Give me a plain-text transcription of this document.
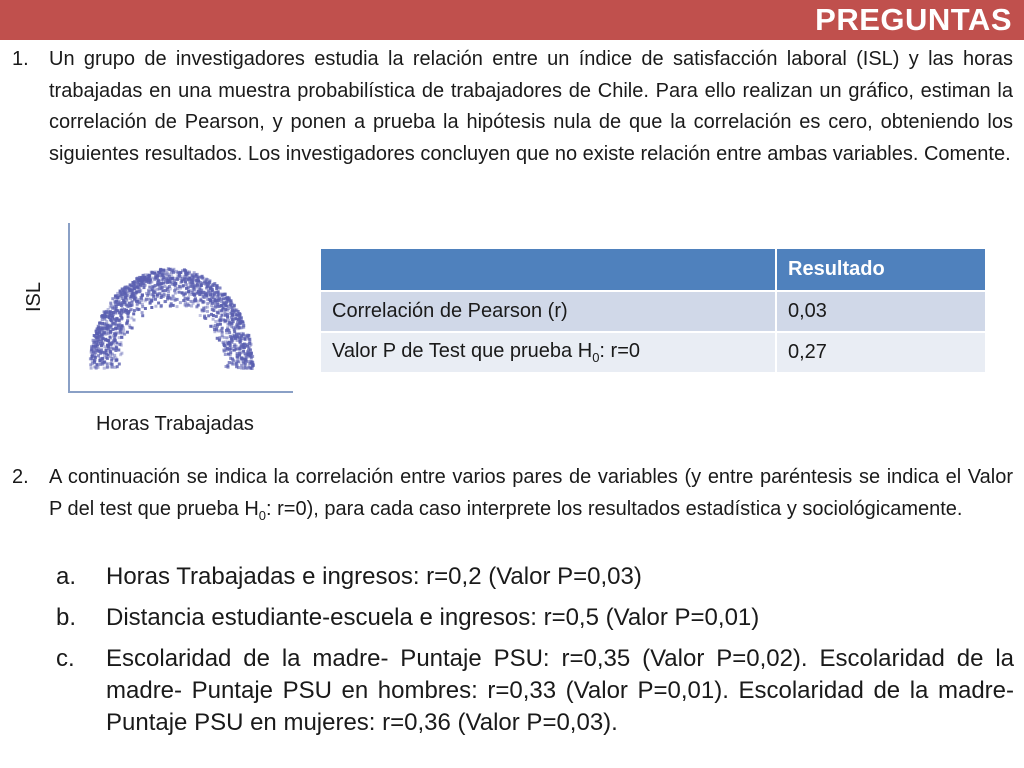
PREGUNTAS
1. Un grupo de investigadores estudia la relación entre un índice de satisfacción laboral (ISL) y las horas trabajadas en una muestra probabilística de trabajadores de Chile. Para ello realizan un gráfico, estiman la correlación de Pearson, y ponen a prueba la hipótesis nula de que la correlación es cero, obteniendo los siguientes resultados. Los investigadores concluyen que no existe relación entre ambas variables. Comente.
ISL
Horas Trabajadas
	Resultado
Correlación de Pearson (r)	0,03
Valor P de Test que prueba $H_0$: r=0	0,27
2. A continuación se indica la correlación entre varios pares de variables (y entre paréntesis se indica el Valor P del test que prueba $H_0$: r=0), para cada caso interprete los resultados estadística y sociológicamente.
a.	Horas Trabajadas e ingresos: r=0,2 (Valor P=0,03)
b.	Distancia estudiante-escuela e ingresos: r=0,5 (Valor P=0,01)
c.	Escolaridad de la madre- Puntaje PSU: r=0,35 (Valor P=0,02). Escolaridad de la madre- Puntaje PSU en hombres: r=0,33 (Valor P=0,01). Escolaridad de la madre- Puntaje PSU en mujeres: r=0,36 (Valor P=0,03).
